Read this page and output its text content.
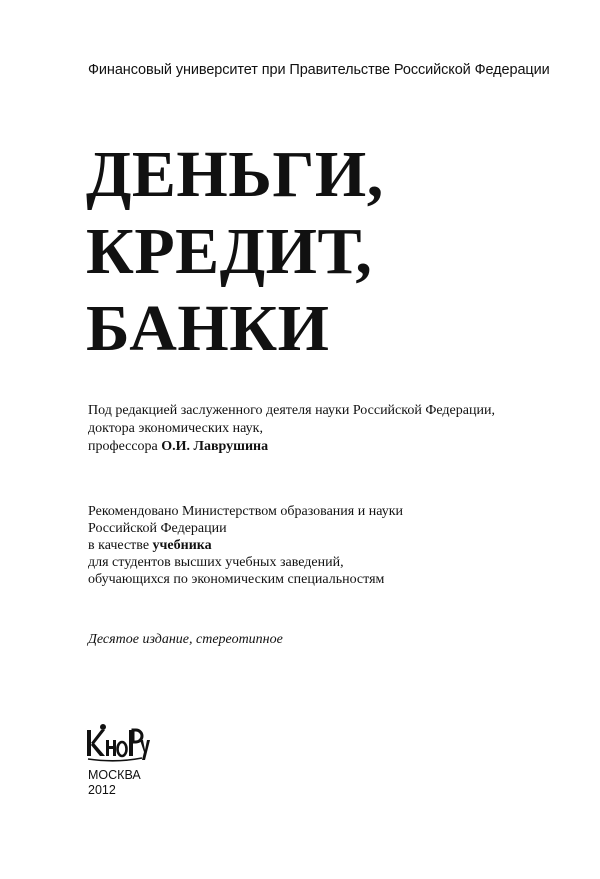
Финансовый университет при Правительстве Российской Федерации
ДЕНЬГИ,
КРЕДИТ,
БАНКИ
Под редакцией заслуженного деятеля науки Российской Федерации,
доктора экономических наук,
профессора О.И. Лаврушина
Рекомендовано Министерством образования и науки
Российской Федерации
в качестве учебника
для студентов высших учебных заведений,
обучающихся по экономическим специальностям
Десятое издание, стереотипное
МОСКВА
2012
